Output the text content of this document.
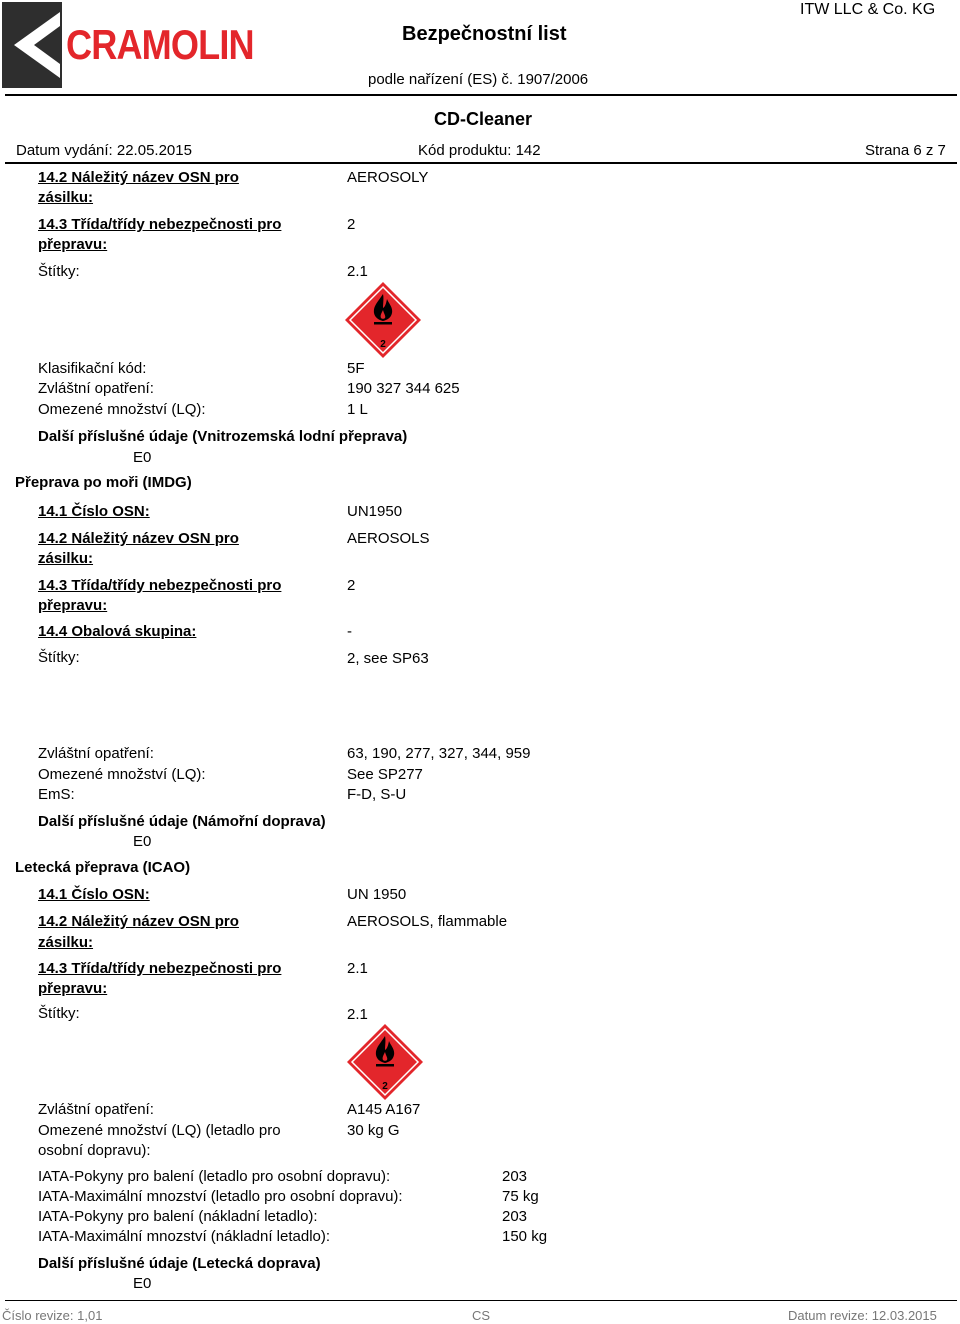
CRAMOLIN	Bezpečnostní list
ITW LLC & Co. KG
podle nařízení (ES) č. 1907/2006
CD-Cleaner
Datum vydání: 22.05.2015	Kód produktu: 142	Strana 6 z 7
14.2 Náležitý název OSN pro
zásilku:
AEROSOLY
14.3 Třída/třídy nebezpečnosti pro
přepravu:
2
Štítky:	2.1
2
Klasifikační kód:	5F
Zvláštní opatření:	190 327 344 625
Omezené množství (LQ):	1 L
Další příslušné údaje (Vnitrozemská lodní přeprava)
E0
Přeprava po moři (IMDG)
14.1 Číslo OSN:	UN1950
14.2 Náležitý název OSN pro
zásilku:
AEROSOLS
14.3 Třída/třídy nebezpečnosti pro
přepravu:
2
14.4 Obalová skupina:	-
Štítky:	2, see SP63
Zvláštní opatření:	63, 190, 277, 327, 344, 959
Omezené množství (LQ):	See SP277
EmS:	F-D, S-U
Další příslušné údaje (Námořní doprava)
E0
Letecká přeprava (ICAO)
14.1 Číslo OSN:	UN 1950
14.2 Náležitý název OSN pro
zásilku:
AEROSOLS, flammable
14.3 Třída/třídy nebezpečnosti pro
přepravu:
2.1
Štítky:	2.1
2
Zvláštní opatření:	A145 A167
Omezené množství (LQ) (letadlo pro
osobní dopravu):
30 kg G
IATA-Pokyny pro balení (letadlo pro osobní dopravu):	203
IATA-Maximální mnozství (letadlo pro osobní dopravu):	75 kg
IATA-Pokyny pro balení (nákladní letadlo):	203
IATA-Maximální mnozství (nákladní letadlo):	150 kg
Další příslušné údaje (Letecká doprava)
E0
Číslo revize: 1,01	CS	Datum revize: 12.03.2015
